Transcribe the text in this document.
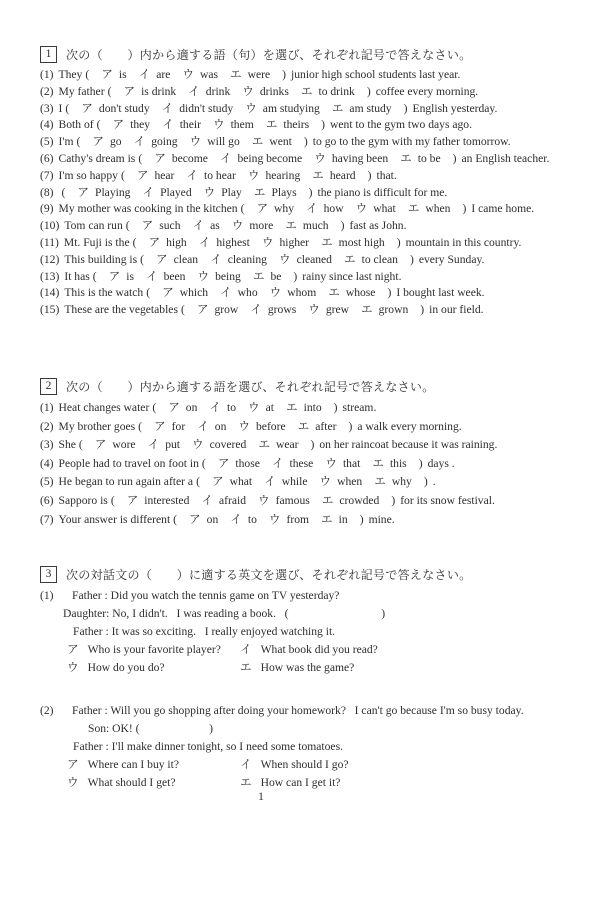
1	次の（　　）内から適する語（句）を選び、それぞれ記号で答えなさい。
(1) They ( ア is イ are ウ was エ were ) junior high school students last year.
(2) My father ( ア is drink イ drink ウ drinks エ to drink ) coffee every morning.
(3) I ( ア don't study イ didn't study ウ am studying エ am study ) English yesterday.
(4) Both of ( ア they イ their ウ them エ theirs ) went to the gym two days ago.
(5) I'm ( ア go イ going ウ will go エ went ) to go to the gym with my father tomorrow.
(6) Cathy's dream is ( ア become イ being become ウ having been エ to be ) an English teacher.
(7) I'm so happy ( ア hear イ to hear ウ hearing エ heard ) that.
(8) ( ア Playing イ Played ウ Play エ Plays ) the piano is difficult for me.
(9) My mother was cooking in the kitchen ( ア why イ how ウ what エ when ) I came home.
(10) Tom can run ( ア such イ as ウ more エ much ) fast as John.
(11) Mt. Fuji is the ( ア high イ highest ウ higher エ most high ) mountain in this country.
(12) This building is ( ア clean イ cleaning ウ cleaned エ to clean ) every Sunday.
(13) It has ( ア is イ been ウ being エ be ) rainy since last night.
(14) This is the watch ( ア which イ who ウ whom エ whose ) I bought last week.
(15) These are the vegetables ( ア grow イ grows ウ grew エ grown ) in our field.
2	次の（　　）内から適する語を選び、それぞれ記号で答えなさい。
(1) Heat changes water ( ア on イ to ウ at エ into ) stream.
(2) My brother goes ( ア for イ on ウ before エ after ) a walk every morning.
(3) She ( ア wore イ put ウ covered エ wear ) on her raincoat because it was raining.
(4) People had to travel on foot in ( ア those イ these ウ that エ this ) days .
(5) He began to run again after a ( ア what イ while ウ when エ why ) .
(6) Sapporo is ( ア interested イ afraid ウ famous エ crowded ) for its snow festival.
(7) Your answer is different ( ア on イ to ウ from エ in ) mine.
3	次の対話文の（　　）に適する英文を選び、それぞれ記号で答えなさい。
(1) Father : Did you watch the tennis game on TV yesterday?
Daughter: No, I didn't.   I was reading a book.   (　　　　　　　　)
Father : It was so exciting.   I really enjoyed watching it.
ア Who is your favorite player?	イ What book did you read?
ウ How do you do?	エ How was the game?
(2) Father : Will you go shopping after doing your homework?   I can't go because I'm so busy today.
Son: OK! (　　　　　　)
Father : I'll make dinner tonight, so I need some tomatoes.
ア Where can I buy it?	イ When should I go?
ウ What should I get?	エ How can I get it?
1
